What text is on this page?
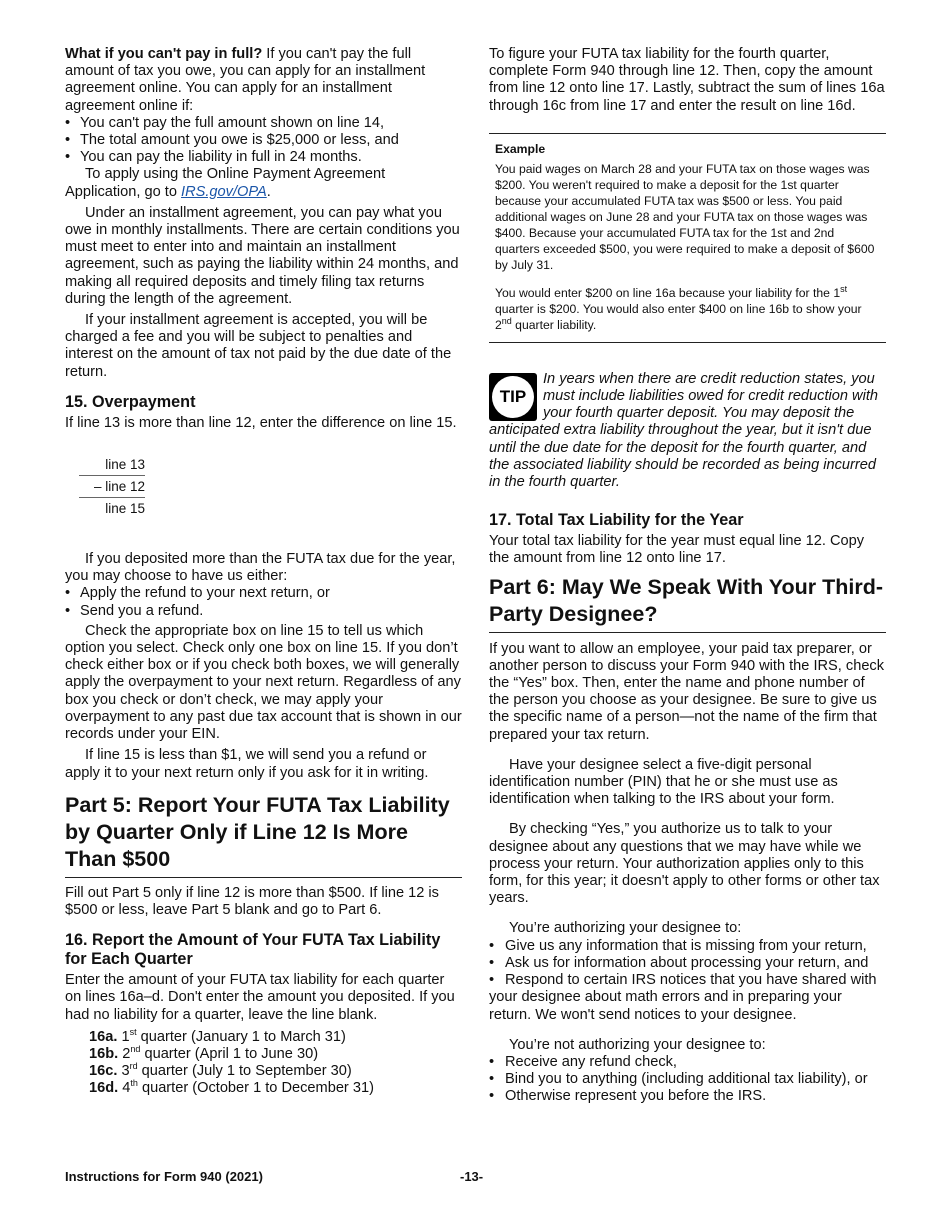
What if you can't pay in full? If you can't pay the full amount of tax you owe, you can apply for an installment agreement online. You can apply for an installment agreement online if:

• You can't pay the full amount shown on line 14,
• The total amount you owe is $25,000 or less, and
• You can pay the liability in full in 24 months.

To apply using the Online Payment Agreement Application, go to IRS.gov/OPA.

Under an installment agreement, you can pay what you owe in monthly installments. There are certain conditions you must meet to enter into and maintain an installment agreement, such as paying the liability within 24 months, and making all required deposits and timely filing tax returns during the length of the agreement.

If your installment agreement is accepted, you will be charged a fee and you will be subject to penalties and interest on the amount of tax not paid by the due date of the return.

15. Overpayment

If line 13 is more than line 12, enter the difference on line 15.

line 13
– line 12
line 15

If you deposited more than the FUTA tax due for the year, you may choose to have us either:

• Apply the refund to your next return, or
• Send you a refund.

Check the appropriate box on line 15 to tell us which option you select. Check only one box on line 15. If you don’t check either box or if you check both boxes, we will generally apply the overpayment to your next return. Regardless of any box you check or don’t check, we may apply your overpayment to any past due tax account that is shown in our records under your EIN.

If line 15 is less than $1, we will send you a refund or apply it to your next return only if you ask for it in writing.

Part 5: Report Your FUTA Tax Liability by Quarter Only if Line 12 Is More Than $500

Fill out Part 5 only if line 12 is more than $500. If line 12 is $500 or less, leave Part 5 blank and go to Part 6.

16. Report the Amount of Your FUTA Tax Liability for Each Quarter

Enter the amount of your FUTA tax liability for each quarter on lines 16a–d. Don't enter the amount you deposited. If you had no liability for a quarter, leave the line blank.

16a. 1st quarter (January 1 to March 31)
16b. 2nd quarter (April 1 to June 30)
16c. 3rd quarter (July 1 to September 30)
16d. 4th quarter (October 1 to December 31)

To figure your FUTA tax liability for the fourth quarter, complete Form 940 through line 12. Then, copy the amount from line 12 onto line 17. Lastly, subtract the sum of lines 16a through 16c from line 17 and enter the result on line 16d.

Example

You paid wages on March 28 and your FUTA tax on those wages was $200. You weren't required to make a deposit for the 1st quarter because your accumulated FUTA tax was $500 or less. You paid additional wages on June 28 and your FUTA tax on those wages was $400. Because your accumulated FUTA tax for the 1st and 2nd quarters exceeded $500, you were required to make a deposit of $600 by July 31.

You would enter $200 on line 16a because your liability for the 1st quarter is $200. You would also enter $400 on line 16b to show your 2nd quarter liability.

TIP
In years when there are credit reduction states, you must include liabilities owed for credit reduction with your fourth quarter deposit. You may deposit the anticipated extra liability throughout the year, but it isn't due until the due date for the deposit for the fourth quarter, and the associated liability should be recorded as being incurred in the fourth quarter.
17. Total Tax Liability for the Year

Your total tax liability for the year must equal line 12. Copy the amount from line 12 onto line 17.

Part 6: May We Speak With Your Third-Party Designee?

If you want to allow an employee, your paid tax preparer, or another person to discuss your Form 940 with the IRS, check the “Yes” box. Then, enter the name and phone number of the person you choose as your designee. Be sure to give us the specific name of a person—not the name of the firm that prepared your tax return.

Have your designee select a five-digit personal identification number (PIN) that he or she must use as identification when talking to the IRS about your form.

By checking “Yes,” you authorize us to talk to your designee about any questions that we may have while we process your return. Your authorization applies only to this form, for this year; it doesn't apply to other forms or other tax years.

You’re authorizing your designee to:

• Give us any information that is missing from your return,
• Ask us for information about processing your return, and
• Respond to certain IRS notices that you have shared with your designee about math errors and in preparing your return. We won't send notices to your designee.

You’re not authorizing your designee to:

• Receive any refund check,
• Bind you to anything (including additional tax liability), or
• Otherwise represent you before the IRS.
Instructions for Form 940 (2021)	-13-
